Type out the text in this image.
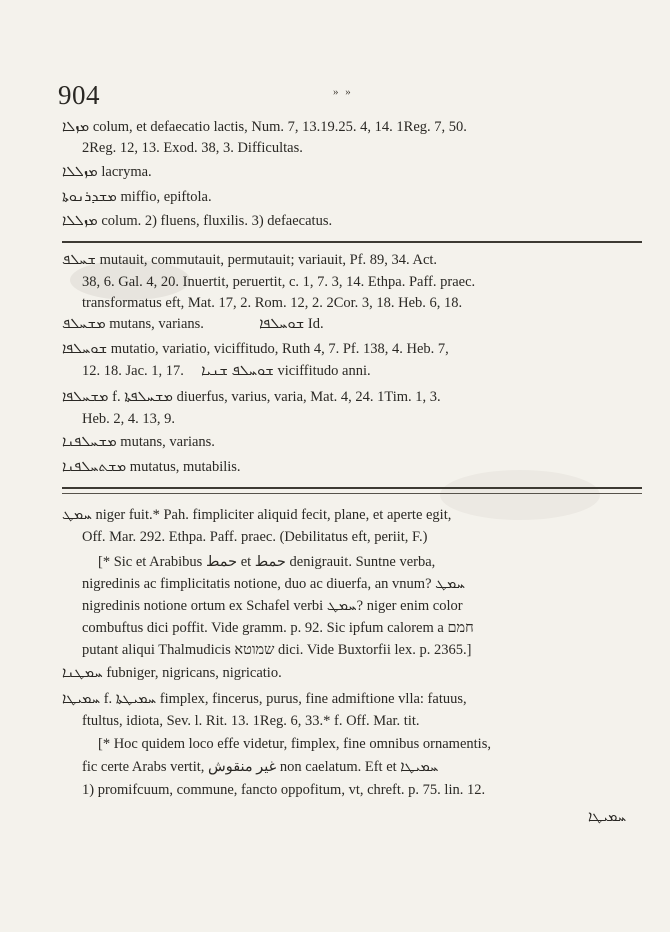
904	» »
ܡܙܠܐ colum, et defaecatio lactis, Num. 7, 13.19.25. 4, 14. 1Reg. 7, 50.
2Reg. 12, 13. Exod. 38, 3. Difficultas.
ܡܙܠܠܐ lacryma.
ܡܫܕܪܢܘܬܐ miffio, epiftola.
ܡܙܠܠܐ colum. 2) fluens, fluxilis. 3) defaecatus.
ܫܚܠܦ mutauit, commutauit, permutauit; variauit, Pf. 89, 34. Act.
38, 6. Gal. 4, 20. Inuertit, peruertit, c. 1, 7. 3, 14. Ethpa. Paff. praec.
transformatus eft, Mat. 17, 2. Rom. 12, 2. 2Cor. 3, 18. Heb. 6, 18.
ܡܫܚܠܦ mutans, varians.	ܫܘܚܠܦܐ Id.
ܫܘܚܠܦܐ mutatio, variatio, viciffitudo, Ruth 4, 7. Pf. 138, 4. Heb. 7,
12. 18. Jac. 1, 17. ܫܘܚܠܦ ܫܢܝܐ viciffitudo anni.
ܡܫܚܠܦܐ f. ܡܫܚܠܦܬܐ diuerfus, varius, varia, Mat. 4, 24. 1Tim. 1, 3.
Heb. 2, 4. 13, 9.
ܡܫܚܠܦܢܐ mutans, varians.
ܡܫܬܚܠܦܢܐ mutatus, mutabilis.
ܚܡܛ niger fuit.* Pah. fimpliciter aliquid fecit, plane, et aperte egit,
Off. Mar. 292. Ethpa. Paff. praec. (Debilitatus eft, periit, F.)
[* Sic et Arabibus حمط et حمط denigrauit. Suntne verba,
nigredinis ac fimplicitatis notione, duo ac diuerfa, an vnum? ܚܡܛ
nigredinis notione ortum ex Schafel verbi ܚܡܛ? niger enim color
combuftus dici poffit. Vide gramm. p. 92. Sic ipfum calorem a חמם
putant aliqui Thalmudicis שמוטא dici. Vide Buxtorfii lex. p. 2365.]
ܚܡܛܢܐ fubniger, nigricans, nigricatio.
ܚܡܝܛܐ f. ܚܡܝܛܬܐ fimplex, fincerus, purus, fine admiftione vlla: fatuus,
ftultus, idiota, Sev. l. Rit. 13. 1Reg. 6, 33.* f. Off. Mar. tit.
[* Hoc quidem loco effe videtur, fimplex, fine omnibus ornamentis,
fic certe Arabs vertit, غير منقوش non caelatum. Eft et ܚܡܝܛܐ
1) promifcuum, commune, fancto oppofitum, vt, chreft. p. 75. lin. 12.
ܚܡܝܛܐ
